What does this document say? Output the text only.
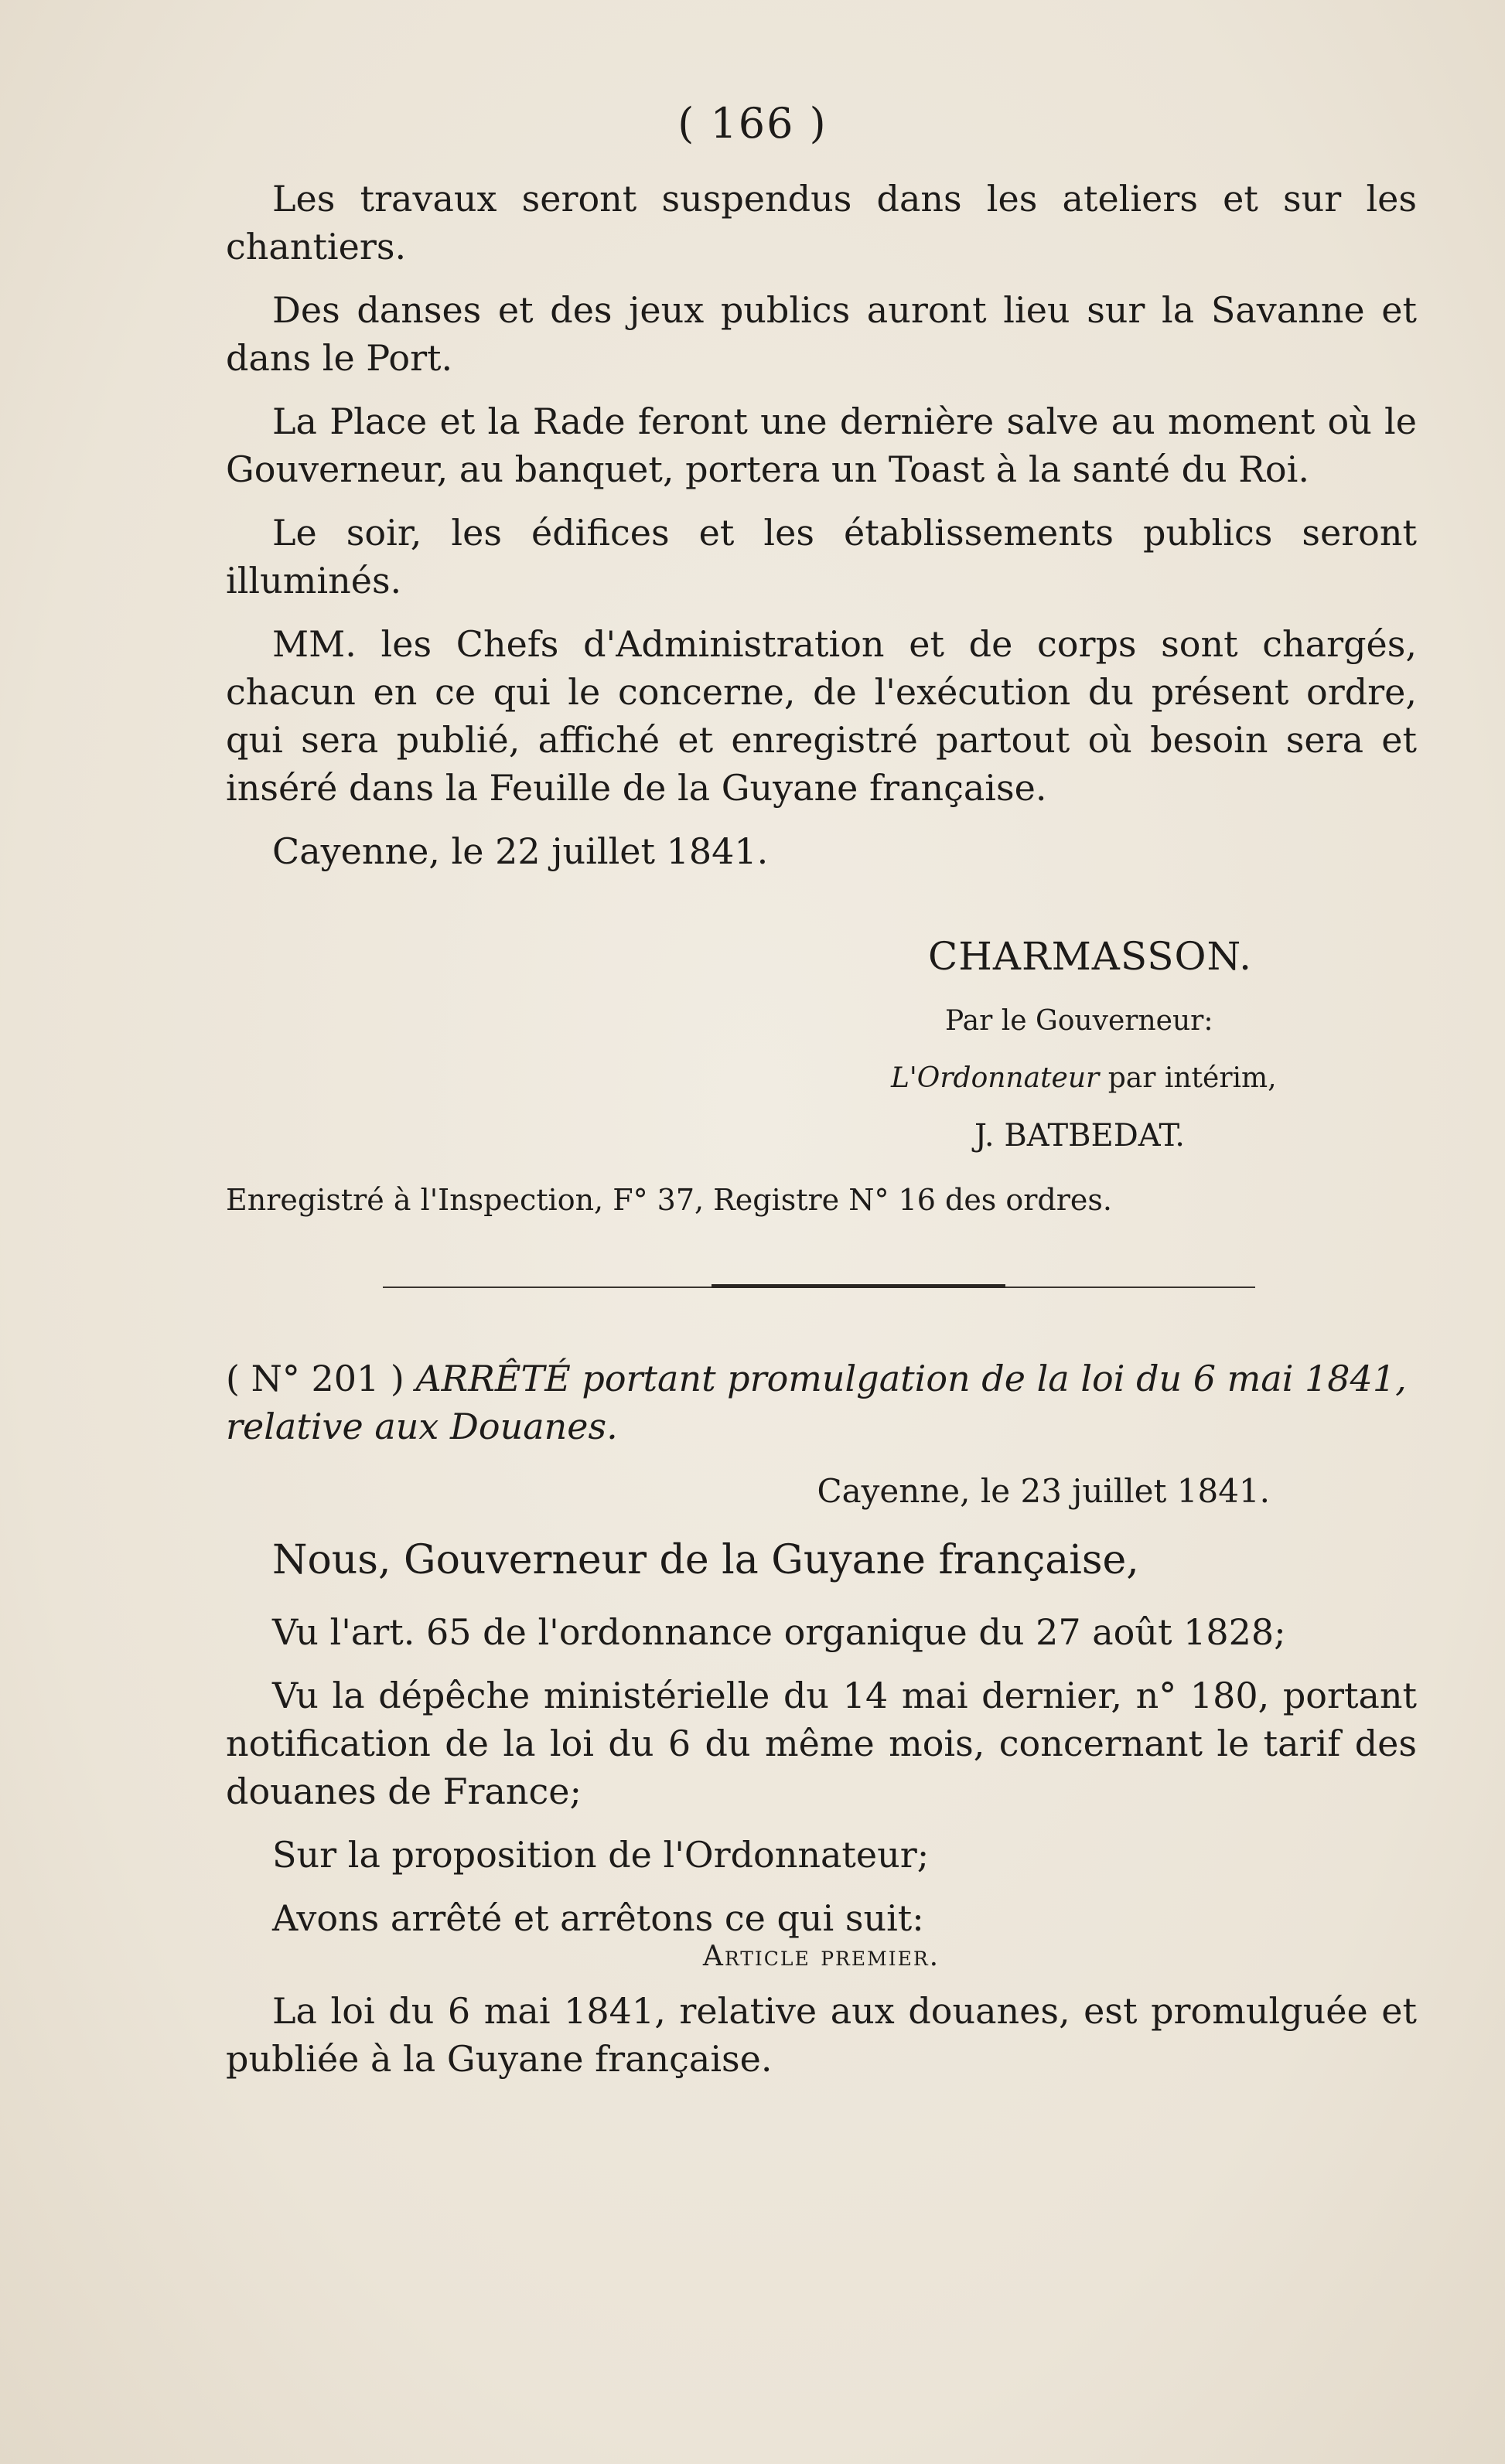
( 166 )

Les travaux seront suspendus dans les ateliers et sur les chantiers.

Des danses et des jeux publics auront lieu sur la Savanne et dans le Port.

La Place et la Rade feront une dernière salve au moment où le Gouverneur, au banquet, portera un Toast à la santé du Roi.

Le soir, les édifices et les établissements publics seront illuminés.

MM. les Chefs d'Administration et de corps sont chargés, chacun en ce qui le concerne, de l'exécution du présent ordre, qui sera publié, affiché et enregistré partout où besoin sera et inséré dans la Feuille de la Guyane française.

Cayenne, le 22 juillet 1841.

CHARMASSON.
Par le Gouverneur:
L'Ordonnateur par intérim,
J. BATBEDAT.
Enregistré à l'Inspection, F° 37, Registre N° 16 des ordres.
( N° 201 ) ARRÊTÉ portant promulgation de la loi du 6 mai 1841, relative aux Douanes.
Cayenne, le 23 juillet 1841.
Nous, Gouverneur de la Guyane française,

Vu l'art. 65 de l'ordonnance organique du 27 août 1828;

Vu la dépêche ministérielle du 14 mai dernier, n° 180, portant notification de la loi du 6 du même mois, concernant le tarif des douanes de France;

Sur la proposition de l'Ordonnateur;

Avons arrêté et arrêtons ce qui suit:

Article premier.

La loi du 6 mai 1841, relative aux douanes, est promulguée et publiée à la Guyane française.
